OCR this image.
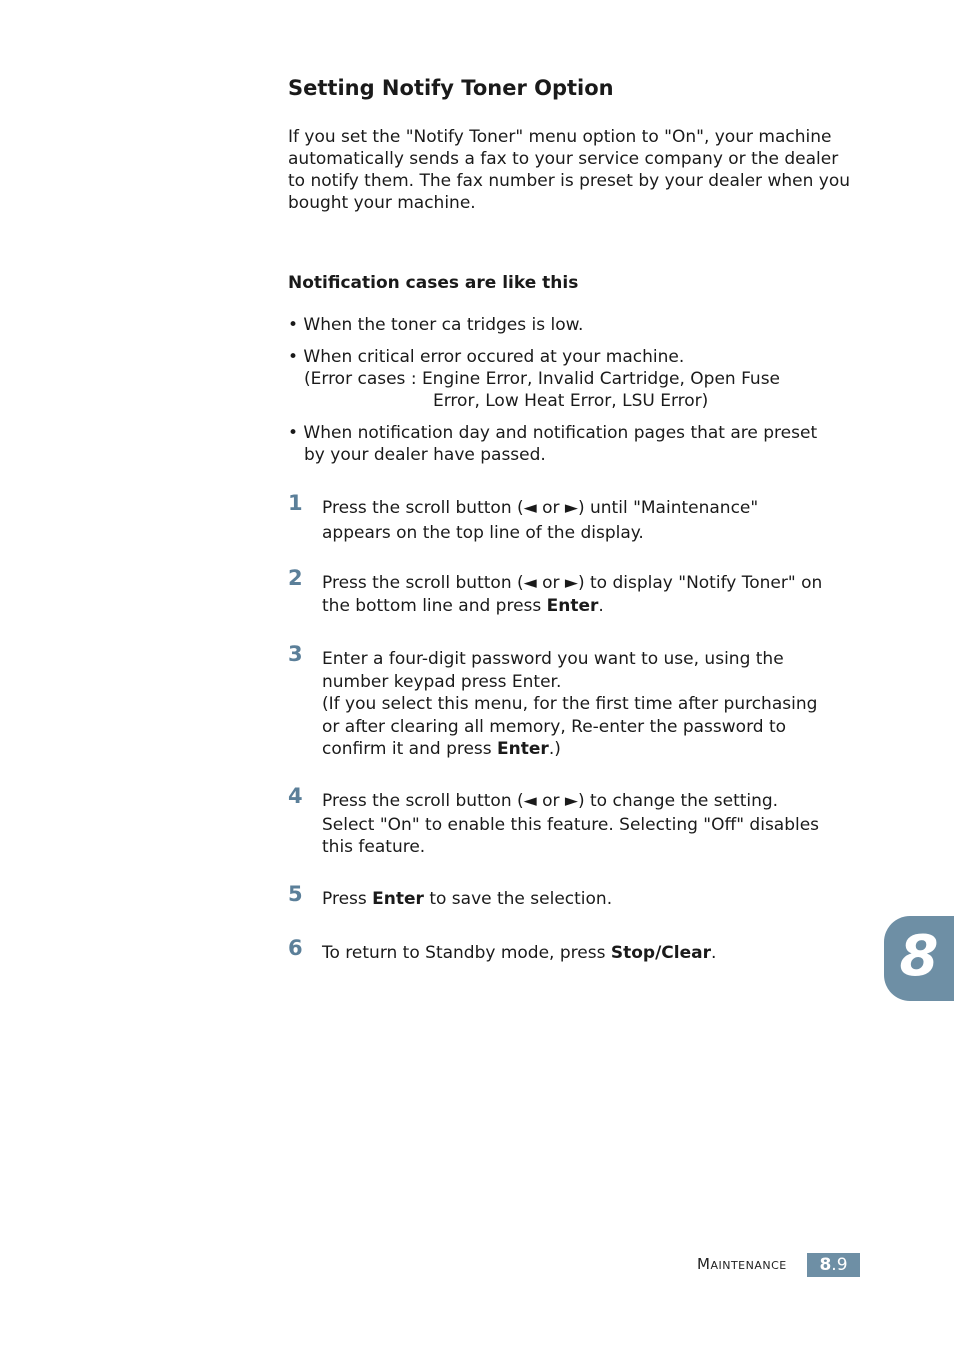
Setting Notify Toner Option

If you set the "Notify Toner" menu option to "On", your machine automatically sends a fax to your service company or the dealer to notify them. The fax number is preset by your dealer when you bought your machine.

Notification cases are like this
• When the toner ca tridges is low.
• When critical error occured at your machine.
(Error cases : Engine Error, Invalid Cartridge, Open Fuse
Error, Low Heat Error, LSU Error)
• When notification day and notification pages that are preset
by your dealer have passed.
1 Press the scroll button (◄ or ►) until "Maintenance"
appears on the top line of the display.
2 Press the scroll button (◄ or ►) to display "Notify Toner" on
the bottom line and press Enter.
3 Enter a four-digit password you want to use, using the
number keypad press Enter.
(If you select this menu, for the first time after purchasing
or after clearing all memory, Re-enter the password to
confirm it and press Enter.)
4 Press the scroll button (◄ or ►) to change the setting.
Select "On" to enable this feature. Selecting "Off" disables
this feature.
5 Press Enter to save the selection.
6 To return to Standby mode, press Stop/Clear.	8
Maintenance	8.9
